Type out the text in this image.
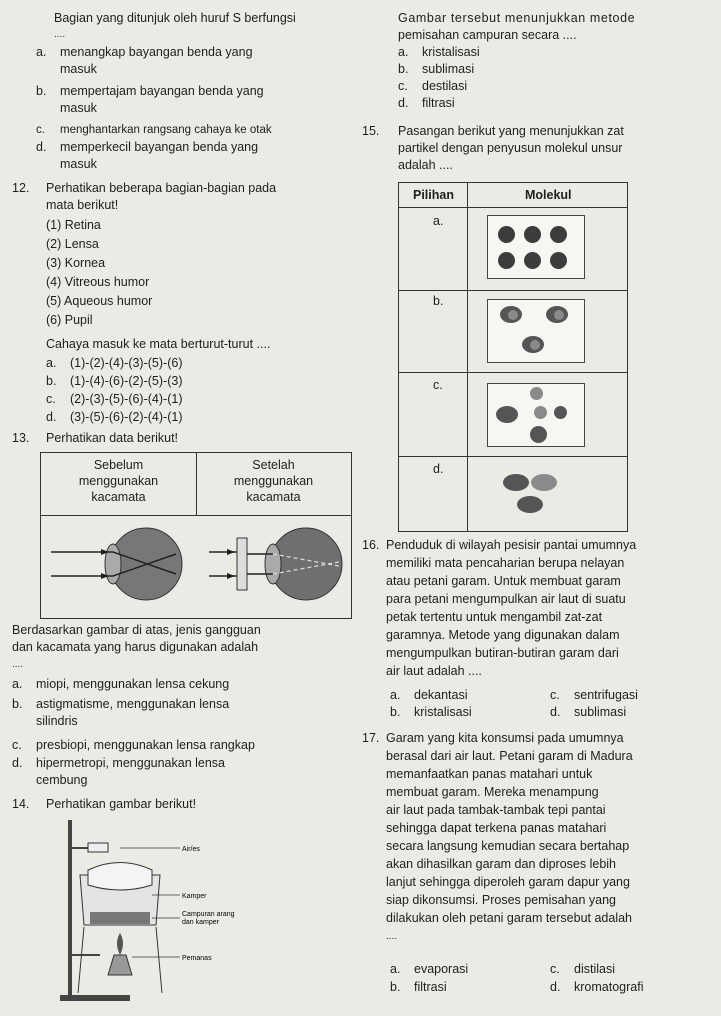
Bagian yang ditunjuk oleh huruf S berfungsi
....
a. menangkap bayangan benda yang
masuk
b. mempertajam bayangan benda yang
masuk
c. menghantarkan rangsang cahaya ke otak
d. memperkecil bayangan benda yang
masuk
12. Perhatikan beberapa bagian-bagian pada
mata berikut!
(1) Retina
(2) Lensa
(3) Kornea
(4) Vitreous humor
(5) Aqueous humor
(6) Pupil
Cahaya masuk ke mata berturut-turut ....
a. (1)-(2)-(4)-(3)-(5)-(6)
b. (1)-(4)-(6)-(2)-(5)-(3)
c. (2)-(3)-(5)-(6)-(4)-(1)
d. (3)-(5)-(6)-(2)-(4)-(1)
13. Perhatikan data berikut!
Sebelum
menggunakan
kacamata
Setelah
menggunakan
kacamata
Berdasarkan gambar di atas, jenis gangguan
dan kacamata yang harus digunakan adalah
....
a. miopi, menggunakan lensa cekung
b. astigmatisme, menggunakan lensa
silindris
c. presbiopi, menggunakan lensa rangkap
d. hipermetropi, menggunakan lensa
cembung
14. Perhatikan gambar berikut!
Air/es
Kamper
Campuran arang
dan kamper
Pemanas
Gambar tersebut menunjukkan metode
pemisahan campuran secara ....
a. kristalisasi
b. sublimasi
c. destilasi
d. filtrasi
15. Pasangan berikut yang menunjukkan zat
partikel dengan penyusun molekul unsur
adalah ....
Pilihan	Molekul
a.
b.
c.
d.
16. Penduduk di wilayah pesisir pantai umumnya
memiliki mata pencaharian berupa nelayan
atau petani garam. Untuk membuat garam
para petani mengumpulkan air laut di suatu
petak tertentu untuk mengambil zat-zat
garamnya. Metode yang digunakan dalam
mengumpulkan butiran-butiran garam dari
air laut adalah ....
a. dekantasi
b. kristalisasi
c. sentrifugasi
d. sublimasi
17. Garam yang kita konsumsi pada umumnya
berasal dari air laut. Petani garam di Madura
memanfaatkan panas matahari untuk
membuat garam. Mereka menampung
air laut pada tambak-tambak tepi pantai
sehingga dapat terkena panas matahari
secara langsung kemudian secara bertahap
akan dihasilkan garam dan diproses lebih
lanjut sehingga diperoleh garam dapur yang
siap dikonsumsi. Proses pemisahan yang
dilakukan oleh petani garam tersebut adalah
....
a. evaporasi
b. filtrasi
c. distilasi
d. kromatografi
